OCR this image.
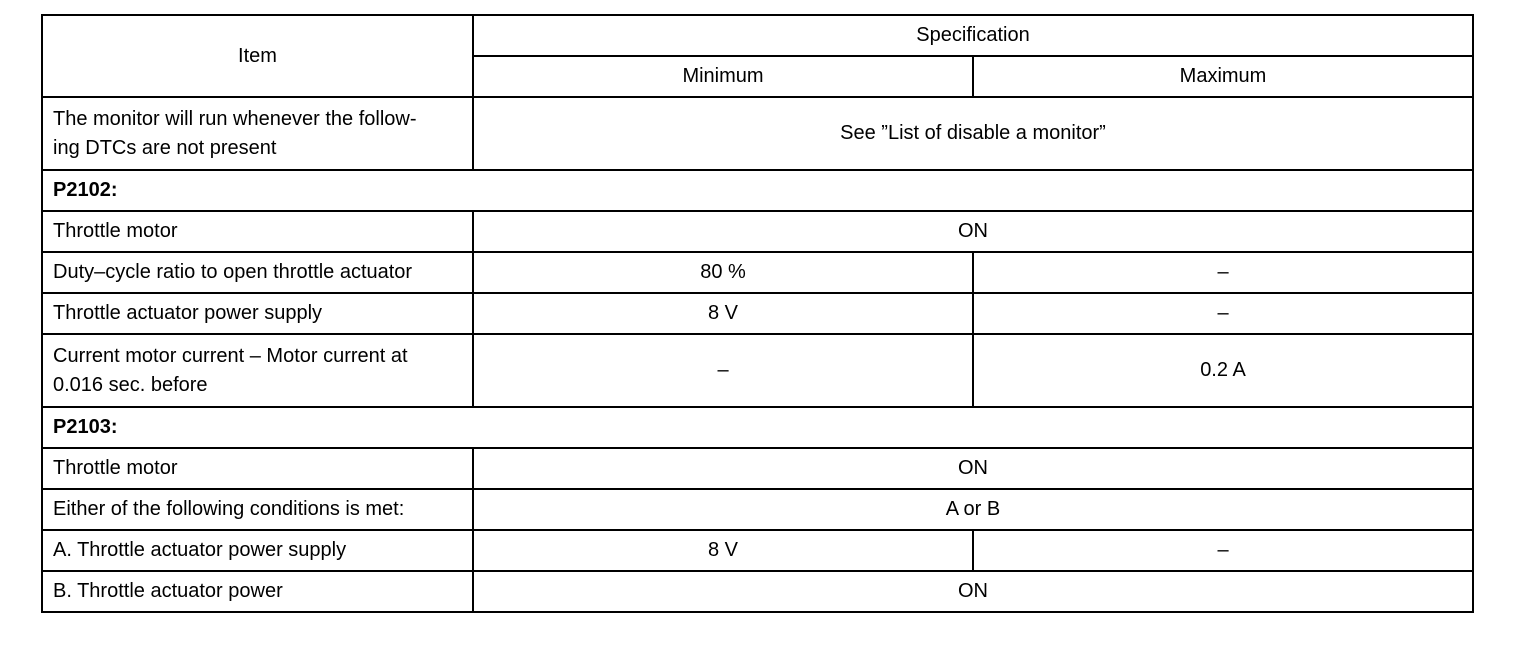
Item	Specification	
	Minimum	Maximum
The monitor will run whenever the follow-
ing DTCs are not present	See ”List of disable a monitor”	
P2102:		
Throttle motor	ON	
Duty–cycle ratio to open throttle actuator	80 %	–
Throttle actuator power supply	8 V	–
Current motor current – Motor current at
0.016 sec. before	–	0.2 A
P2103:		
Throttle motor	ON	
Either of the following conditions is met:	A or B	
A. Throttle actuator power supply	8 V	–
B. Throttle actuator power	ON	
